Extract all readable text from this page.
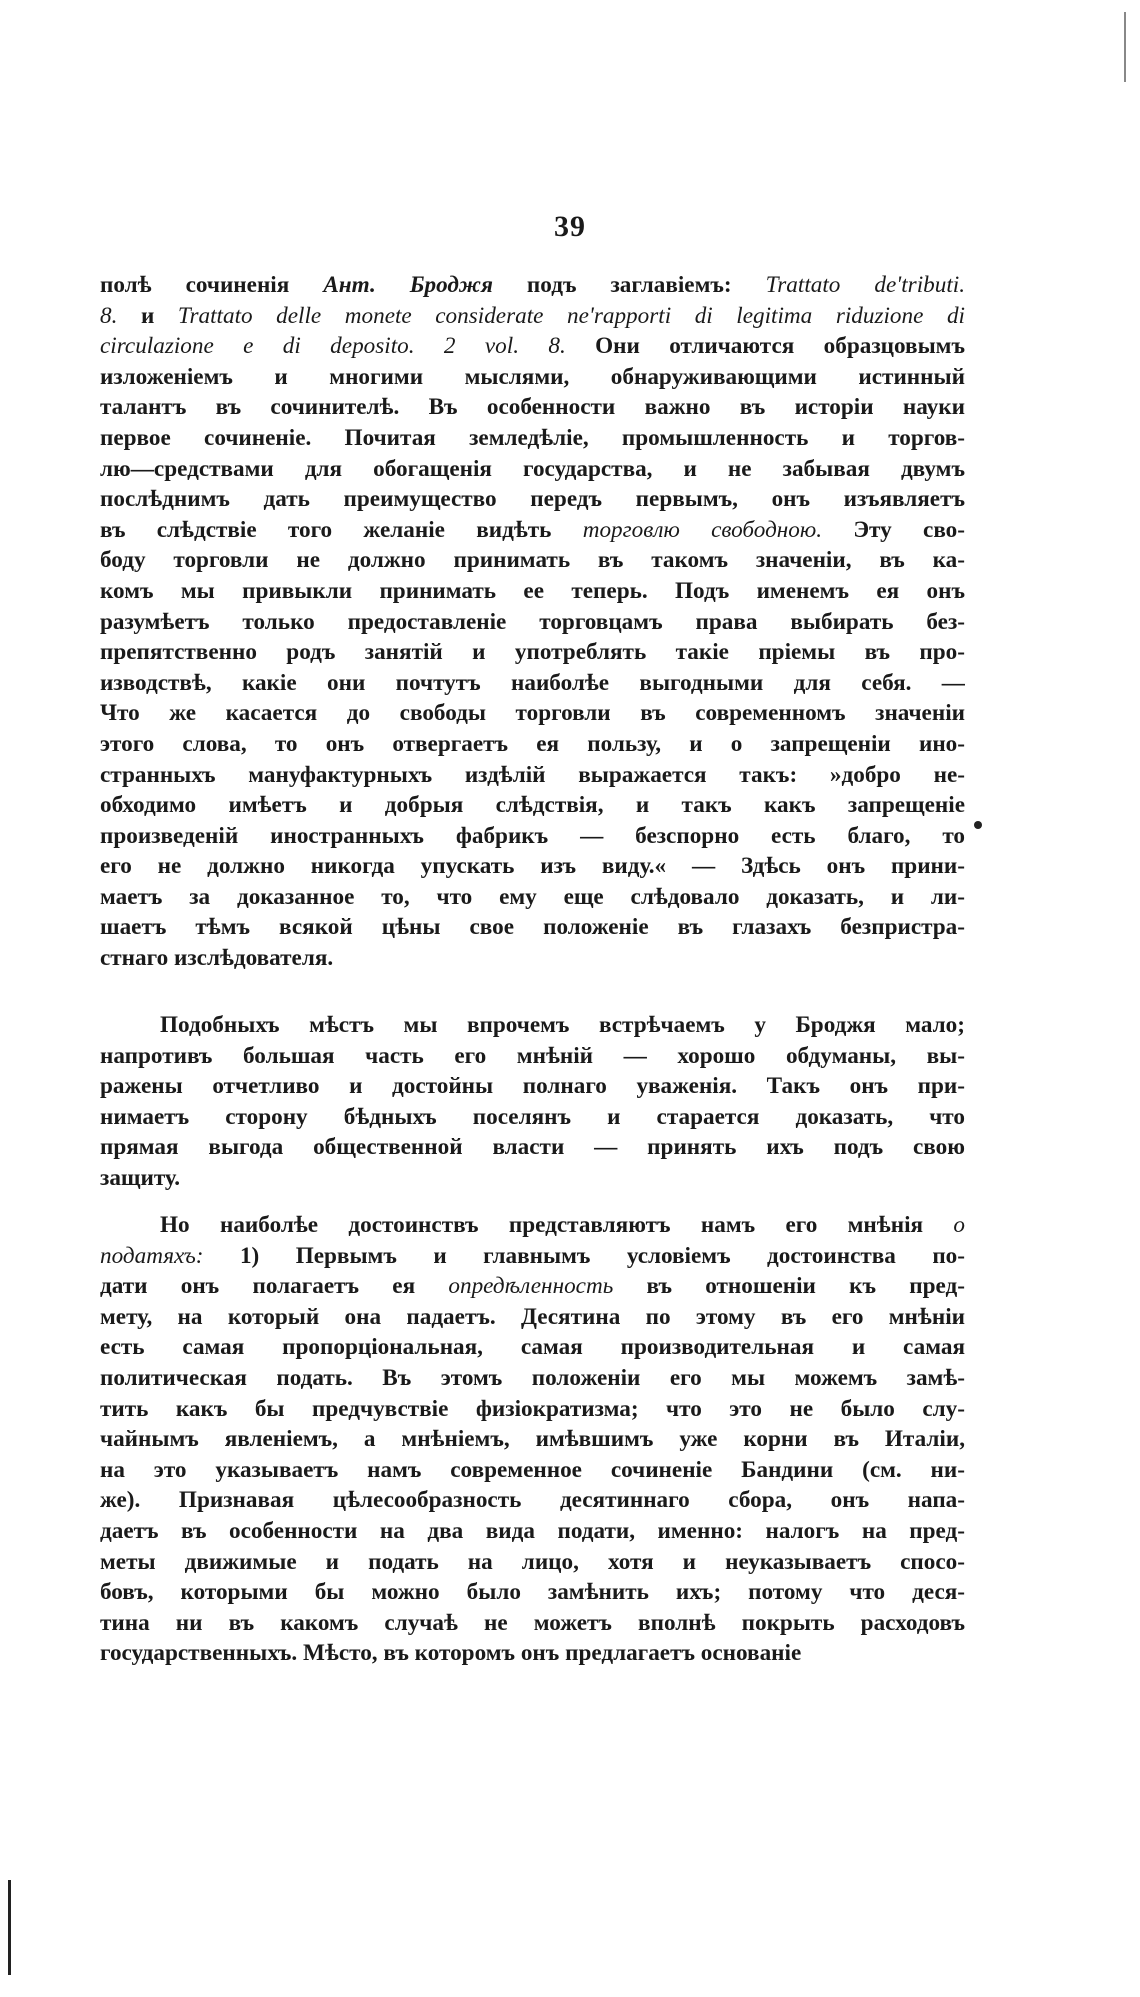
39
полѣ сочиненія Ант. Броджя подъ заглавіемъ: Trattato de'tributi.
8. и Trattato delle monete considerate ne'rapporti di legitima riduzione di
circulazione e di deposito. 2 vol. 8. Они отличаются образцовымъ
изложеніемъ и многими мыслями, обнаруживающими истинный
талантъ въ сочинителѣ. Въ особенности важно въ исторіи науки
первое сочиненіе. Почитая земледѣліе, промышленность и торгов-
лю—средствами для обогащенія государства, и не забывая двумъ
послѣднимъ дать преимущество передъ первымъ, онъ изъявляетъ
въ слѣдствіе того желаніе видѣть торговлю свободною. Эту сво-
боду торговли не должно принимать въ такомъ значеніи, въ ка-
комъ мы привыкли принимать ее теперь. Подъ именемъ ея онъ
разумѣетъ только предоставленіе торговцамъ права выбирать без-
препятственно родъ занятій и употреблять такіе пріемы въ про-
изводствѣ, какіе они почтутъ наиболѣе выгодными для себя. —
Что же касается до свободы торговли въ современномъ значеніи
этого слова, то онъ отвергаетъ ея пользу, и о запрещеніи ино-
странныхъ мануфактурныхъ издѣлій выражается такъ: »добро не-
обходимо имѣетъ и добрыя слѣдствія, и такъ какъ запрещеніе
произведеній иностранныхъ фабрикъ — безспорно есть благо, то
его не должно никогда упускать изъ виду.« — Здѣсь онъ прини-
маетъ за доказанное то, что ему еще слѣдовало доказать, и ли-
шаетъ тѣмъ всякой цѣны свое положеніе въ глазахъ безпристра-
стнаго изслѣдователя.
Подобныхъ мѣстъ мы впрочемъ встрѣчаемъ у Броджя мало;
напротивъ большая часть его мнѣній — хорошо обдуманы, вы-
ражены отчетливо и достойны полнаго уваженія. Такъ онъ при-
нимаетъ сторону бѣдныхъ поселянъ и старается доказать, что
прямая выгода общественной власти — принять ихъ подъ свою
защиту.
Но наиболѣе достоинствъ представляютъ намъ его мнѣнія о
податяхъ: 1) Первымъ и главнымъ условіемъ достоинства по-
дати онъ полагаетъ ея опредѣленность въ отношеніи къ пред-
мету, на который она падаетъ. Десятина по этому въ его мнѣніи
есть самая пропорціональная, самая производительная и самая
политическая подать. Въ этомъ положеніи его мы можемъ замѣ-
тить какъ бы предчувствіе физіократизма; что это не было слу-
чайнымъ явленіемъ, а мнѣніемъ, имѣвшимъ уже корни въ Италіи,
на это указываетъ намъ современное сочиненіе Бандини (см. ни-
же). Признавая цѣлесообразность десятиннаго сбора, онъ напа-
даетъ въ особенности на два вида подати, именно: налогъ на пред-
меты движимые и подать на лицо, хотя и неуказываетъ спосо-
бовъ, которыми бы можно было замѣнить ихъ; потому что деся-
тина ни въ какомъ случаѣ не можетъ вполнѣ покрыть расходовъ
государственныхъ. Мѣсто, въ которомъ онъ предлагаетъ основаніе
